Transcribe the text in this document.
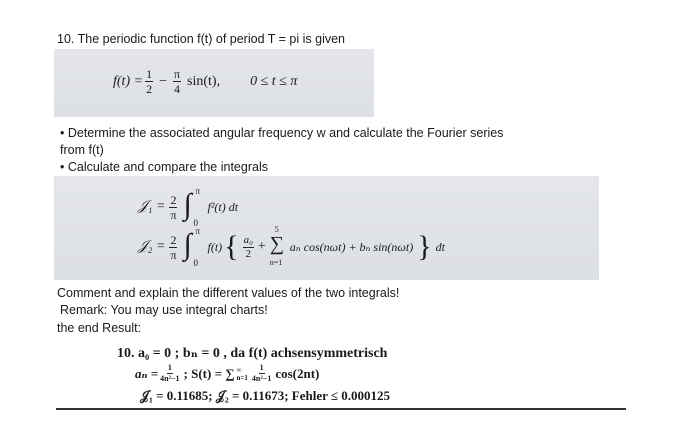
10. The periodic function f(t) of period T = pi is given
$f(t) = \frac{1}{2} - \frac{\pi}{4} \sin(t)$, 0 ≤ t ≤ π
• Determine the associated angular frequency w and calculate the Fourier series
from f(t)
• Calculate and compare the integrals
𝒥₁ = $\frac{2}{\pi}$ ∫ π
0
f²(t) dt
𝒥₂ = $\frac{2}{\pi}$ ∫ π
0
f(t) { $\frac{\text{a₀}}{2}$ + ∑
5
n=1
aₙ cos(nωt) + bₙ sin(nωt) } dt
Comment and explain the different values of the two integrals!
Remark: You may use integral charts!
the end Result:
10. a₀ = 0 ; bₙ = 0 , da f(t) achsensymmetrisch
$a_n = \frac{1}{\text{4n²−1}}$ ; S(t) = ∑ ∞
$n=1 \frac{1}{\text{4n²−1}} \cos(2nt)$
𝒥₁ = 0.11685; 𝒥₂ = 0.11673; Fehler ≤ 0.000125
